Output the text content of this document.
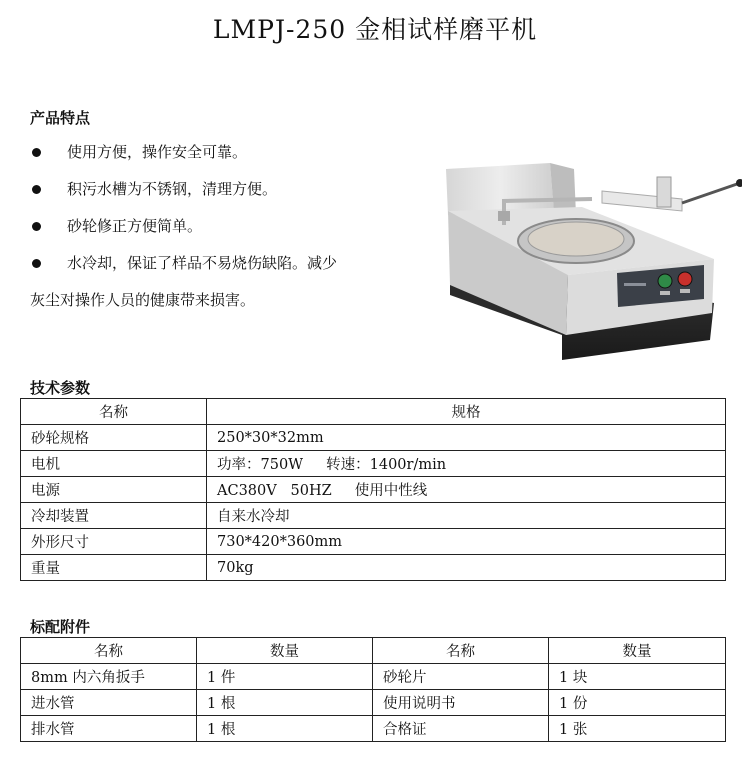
LMPJ-250 金相试样磨平机
产品特点
使用方便，操作安全可靠。
积污水槽为不锈钢，清理方便。
砂轮修正方便简单。
水冷却，保证了样品不易烧伤缺陷。减少
灰尘对操作人员的健康带来损害。
技术参数
名称	规格
砂轮规格	250*30*32mm
电机	功率：750W     转速：1400r/min
电源	AC380V   50HZ     使用中性线
冷却装置	自来水冷却
外形尺寸	730*420*360mm
重量	70kg
标配附件
名称	数量	名称	数量
8mm 内六角扳手	1 件	砂轮片	1 块
进水管	1 根	使用说明书	1 份
排水管	1 根	合格证	1 张
